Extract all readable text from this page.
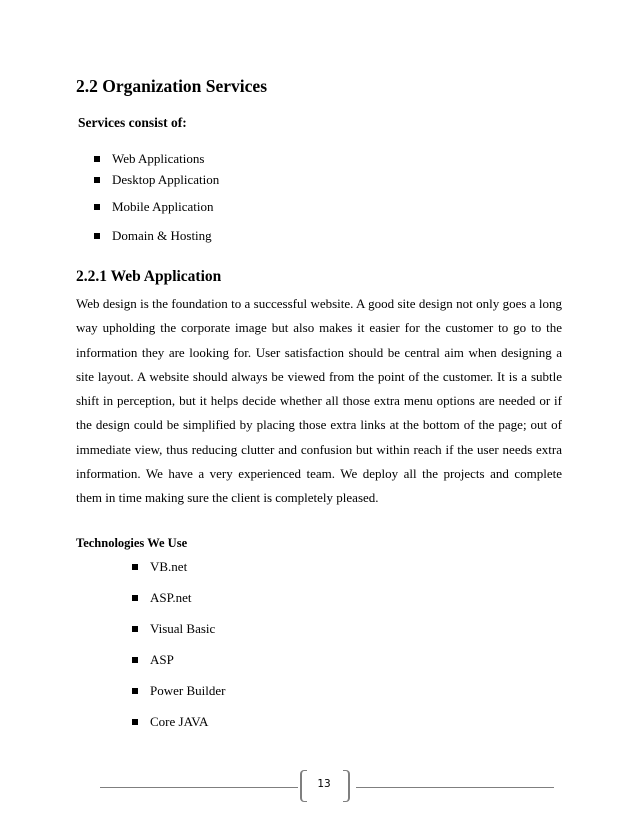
2.2 Organization Services

Services consist of:

Web Applications
Desktop Application
Mobile Application
Domain & Hosting
2.2.1 Web Application

Web design is the foundation to a successful website. A good site design not only goes a long way upholding the corporate image but also makes it easier for the customer to go to the information they are looking for. User satisfaction should be central aim when designing a site layout. A website should always be viewed from the point of the customer. It is a subtle shift in perception, but it helps decide whether all those extra menu options are needed or if the design could be simplified by placing those extra links at the bottom of the page; out of immediate view, thus reducing clutter and confusion but within reach if the user needs extra information. We have a very experienced team. We deploy all the projects and complete them in time making sure the client is completely pleased.

Technologies We Use

VB.net
ASP.net
Visual Basic
ASP
Power Builder
Core JAVA
13
